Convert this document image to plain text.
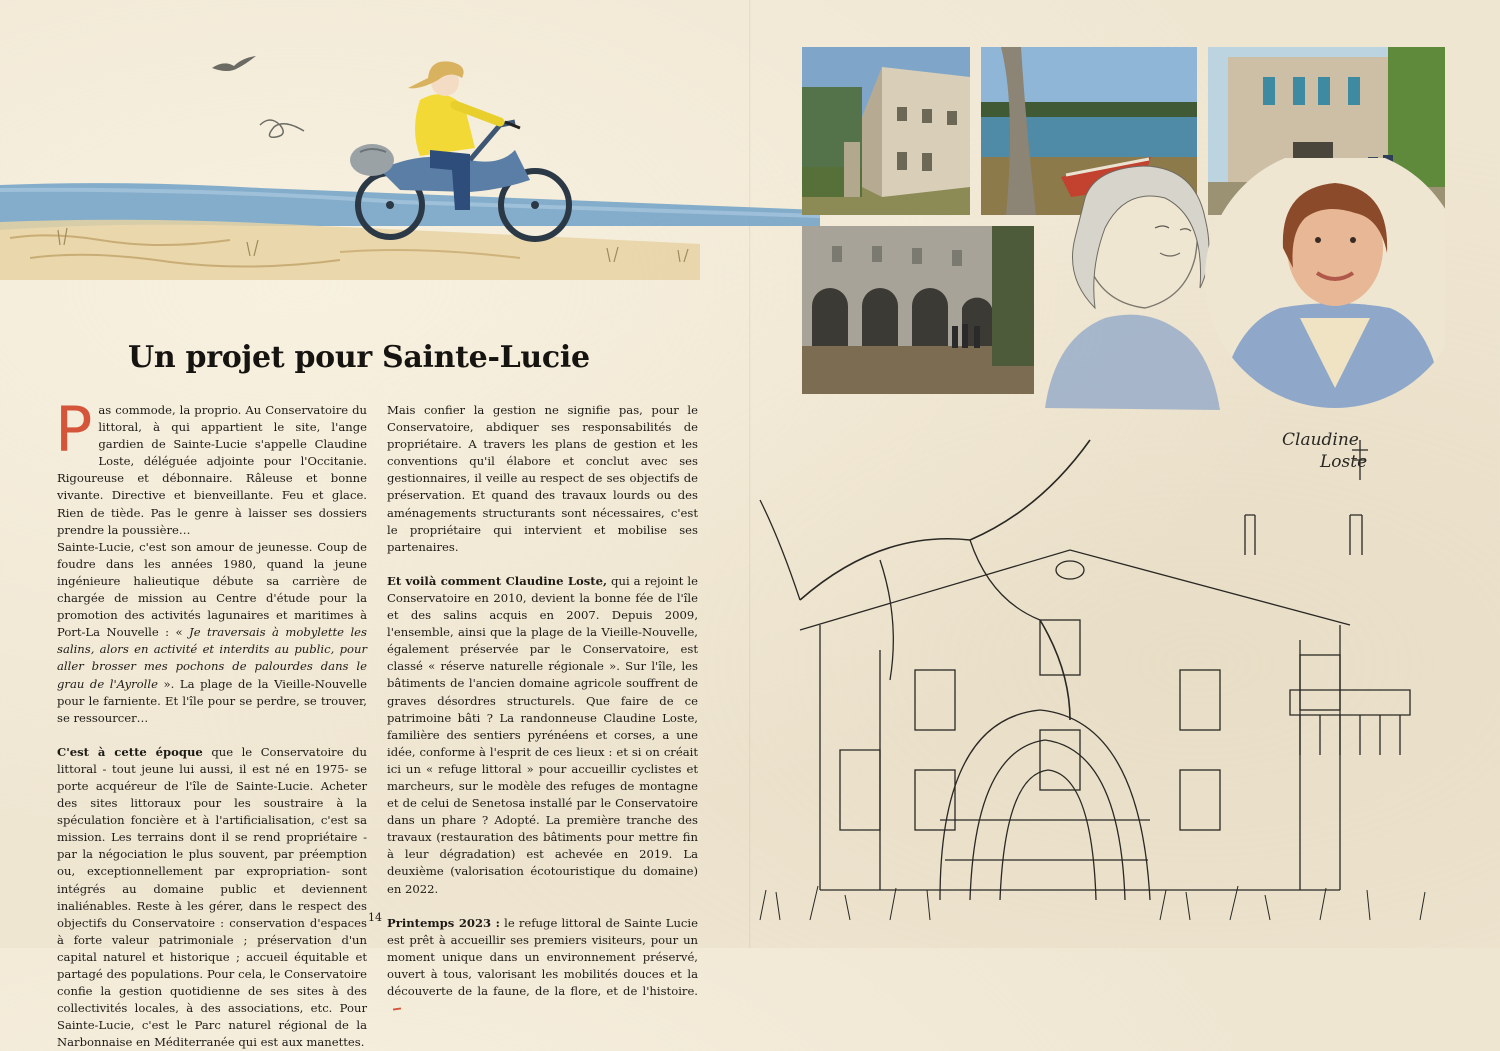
Claudine
Loste
Un projet pour Sainte-Lucie

Pas commode, la proprio. Au Conservatoire du littoral, à qui appartient le site, l'ange gardien de Sainte-Lucie s'appelle Claudine Loste, déléguée adjointe pour l'Occitanie. Rigoureuse et débonnaire. Râleuse et bonne vivante. Directive et bienveillante. Feu et glace. Rien de tiède. Pas le genre à laisser ses dossiers prendre la poussière…

Sainte-Lucie, c'est son amour de jeunesse. Coup de foudre dans les années 1980, quand la jeune ingénieure halieutique débute sa carrière de chargée de mission au Centre d'étude pour la promotion des activités lagunaires et maritimes à Port-La Nouvelle : « Je traversais à mobylette les salins, alors en activité et interdits au public, pour aller brosser mes pochons de palourdes dans le grau de l'Ayrolle ». La plage de la Vieille-Nouvelle pour le farniente. Et l'île pour se perdre, se trouver, se ressourcer…

C'est à cette époque que le Conservatoire du littoral - tout jeune lui aussi, il est né en 1975- se porte acquéreur de l'île de Sainte-Lucie. Acheter des sites littoraux pour les soustraire à la spéculation foncière et à l'artificialisation, c'est sa mission. Les terrains dont il se rend propriétaire -par la négociation le plus souvent, par préemption ou, exceptionnellement par expropriation- sont intégrés au domaine public et deviennent inaliénables. Reste à les gérer, dans le respect des objectifs du Conservatoire : conservation d'espaces à forte valeur patrimoniale ; préservation d'un capital naturel et historique ; accueil équitable et partagé des populations. Pour cela, le Conservatoire confie la gestion quotidienne de ses sites à des collectivités locales, à des associations, etc. Pour Sainte-Lucie, c'est le Parc naturel régional de la Narbonnaise en Méditerranée qui est aux manettes.

Mais confier la gestion ne signifie pas, pour le Conservatoire, abdiquer ses responsabilités de propriétaire. A travers les plans de gestion et les conventions qu'il élabore et conclut avec ses gestionnaires, il veille au respect de ses objectifs de préservation. Et quand des travaux lourds ou des aménagements structurants sont nécessaires, c'est le propriétaire qui intervient et mobilise ses partenaires.

Et voilà comment Claudine Loste, qui a rejoint le Conservatoire en 2010, devient la bonne fée de l'île et des salins acquis en 2007. Depuis 2009, l'ensemble, ainsi que la plage de la Vieille-Nouvelle, également préservée par le Conservatoire, est classé « réserve naturelle régionale ». Sur l'île, les bâtiments de l'ancien domaine agricole souffrent de graves désordres structurels. Que faire de ce patrimoine bâti ? La randonneuse Claudine Loste, familière des sentiers pyrénéens et corses, a une idée, conforme à l'esprit de ces lieux : et si on créait ici un « refuge littoral » pour accueillir cyclistes et marcheurs, sur le modèle des refuges de montagne et de celui de Senetosa installé par le Conservatoire dans un phare ? Adopté. La première tranche des travaux (restauration des bâtiments pour mettre fin à leur dégradation) est achevée en 2019. La deuxième (valorisation écotouristique du domaine) en 2022.

Printemps 2023 : le refuge littoral de Sainte Lucie est prêt à accueillir ses premiers visiteurs, pour un moment unique dans un environnement préservé, ouvert à tous, valorisant les mobilités douces et la découverte de la faune, de la flore, et de l'histoire.

14
